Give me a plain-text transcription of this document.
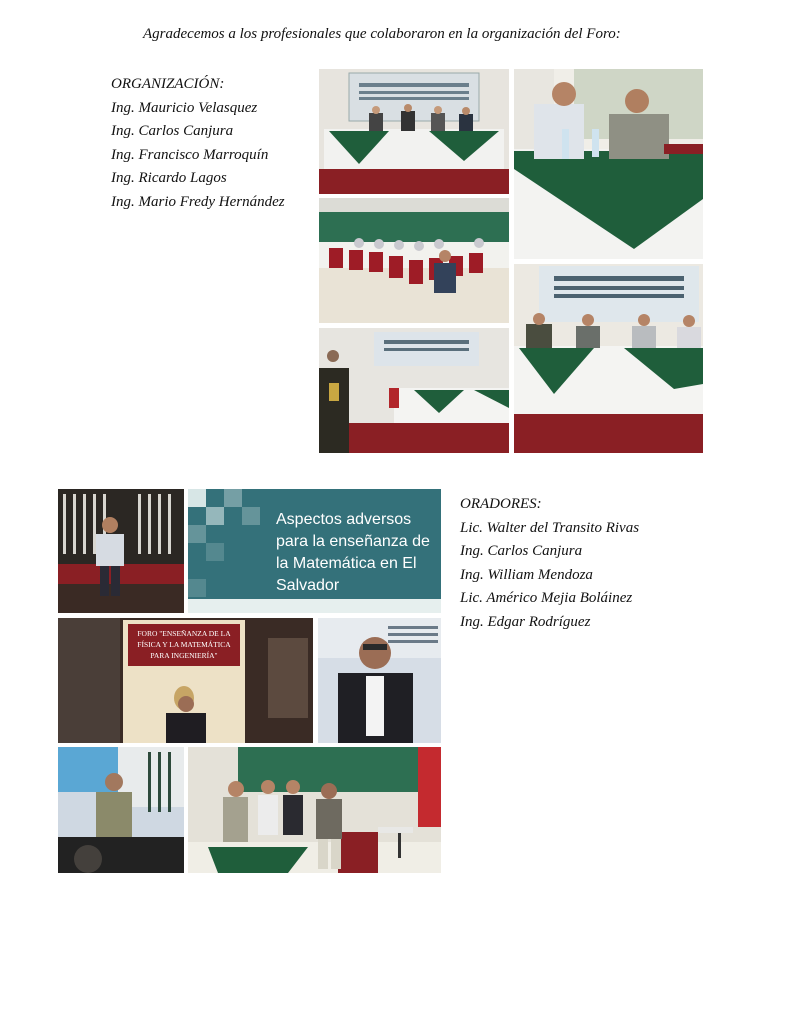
Agradecemos a los profesionales que colaboraron en la organización del Foro:
ORGANIZACIÓN:
Ing. Mauricio Velasquez
Ing. Carlos Canjura
Ing. Francisco Marroquín
Ing. Ricardo Lagos
Ing. Mario Fredy Hernández
ORADORES:
Lic. Walter del Transito Rivas
Ing. Carlos Canjura
Ing. William Mendoza
Lic. Américo Mejia Boláinez
Ing. Edgar Rodríguez
Aspectos adversos
para la enseñanza de
la Matemática en El
Salvador
FORO "ENSEÑANZA DE LA
FÍSICA Y LA MATEMÁTICA
PARA INGENIERÍA"
